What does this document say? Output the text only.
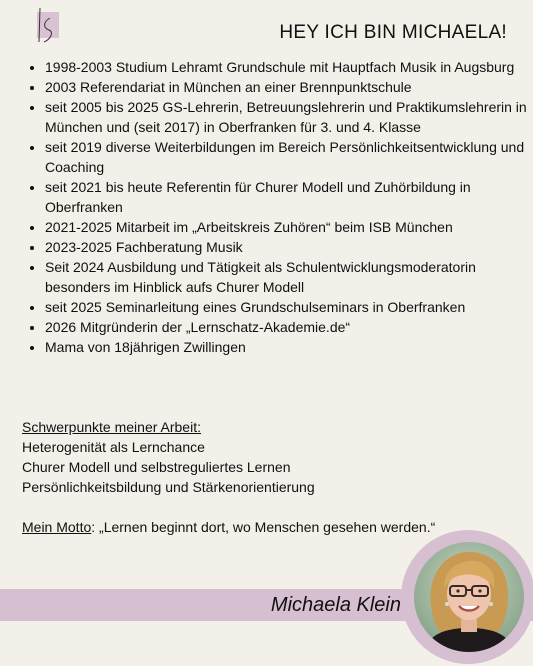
HEY ICH BIN MICHAELA!
• 1998-2003 Studium Lehramt Grundschule mit Hauptfach Musik in Augsburg
• 2003 Referendariat in München an einer Brennpunktschule
• seit 2005 bis 2025 GS-Lehrerin, Betreuungslehrerin und Praktikumslehrerin in München und (seit 2017) in Oberfranken für 3. und 4. Klasse
• seit 2019 diverse Weiterbildungen im Bereich Persönlichkeitsentwicklung und Coaching
• seit 2021 bis heute Referentin für Churer Modell und Zuhörbildung in Oberfranken
• 2021-2025 Mitarbeit im „Arbeitskreis Zuhören“ beim ISB München
• 2023-2025 Fachberatung Musik
• Seit 2024 Ausbildung und Tätigkeit als Schulentwicklungsmoderatorin besonders im Hinblick aufs Churer Modell
• seit 2025 Seminarleitung eines Grundschulseminars in Oberfranken
• 2026 Mitgründerin der „Lernschatz-Akademie.de“
• Mama von 18jährigen Zwillingen
Schwerpunkte meiner Arbeit:
Heterogenität als Lernchance
Churer Modell und selbstreguliertes Lernen
Persönlichkeitsbildung und Stärkenorientierung
Mein Motto: „Lernen beginnt dort, wo Menschen gesehen werden.“
Michaela Klein
